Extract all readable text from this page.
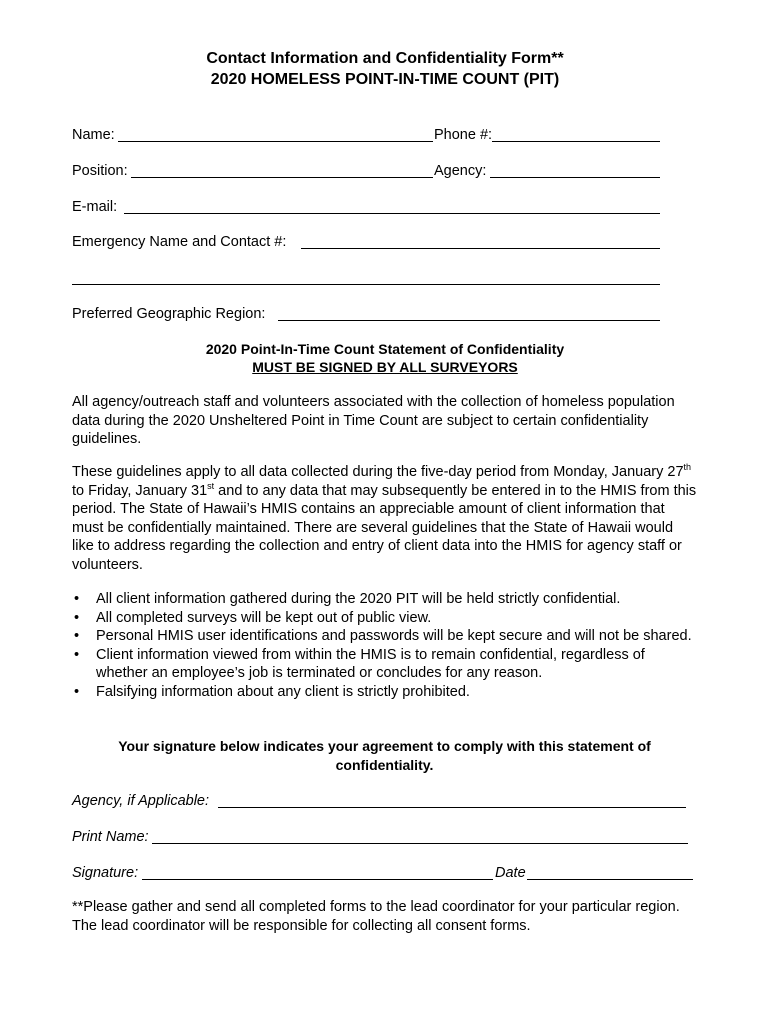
Contact Information and Confidentiality Form**
2020 HOMELESS POINT-IN-TIME COUNT (PIT)
Name:	Phone #:
Position:	Agency:
E-mail:
Emergency Name and Contact #:
Preferred Geographic Region:
2020 Point-In-Time Count Statement of Confidentiality
MUST BE SIGNED BY ALL SURVEYORS
All agency/outreach staff and volunteers associated with the collection of homeless population data during the 2020 Unsheltered Point in Time Count are subject to certain confidentiality guidelines.
These guidelines apply to all data collected during the five-day period from Monday, January 27th to Friday, January 31st and to any data that may subsequently be entered in to the HMIS from this period. The State of Hawaii’s HMIS contains an appreciable amount of client information that must be confidentially maintained. There are several guidelines that the State of Hawaii would like to address regarding the collection and entry of client data into the HMIS for agency staff or volunteers.
• All client information gathered during the 2020 PIT will be held strictly confidential.
• All completed surveys will be kept out of public view.
• Personal HMIS user identifications and passwords will be kept secure and will not be shared.
• Client information viewed from within the HMIS is to remain confidential, regardless of whether an employee’s job is terminated or concludes for any reason.
• Falsifying information about any client is strictly prohibited.
Your signature below indicates your agreement to comply with this statement of confidentiality.
Agency, if Applicable:
Print Name:
Signature:	Date
**Please gather and send all completed forms to the lead coordinator for your particular region. The lead coordinator will be responsible for collecting all consent forms.
